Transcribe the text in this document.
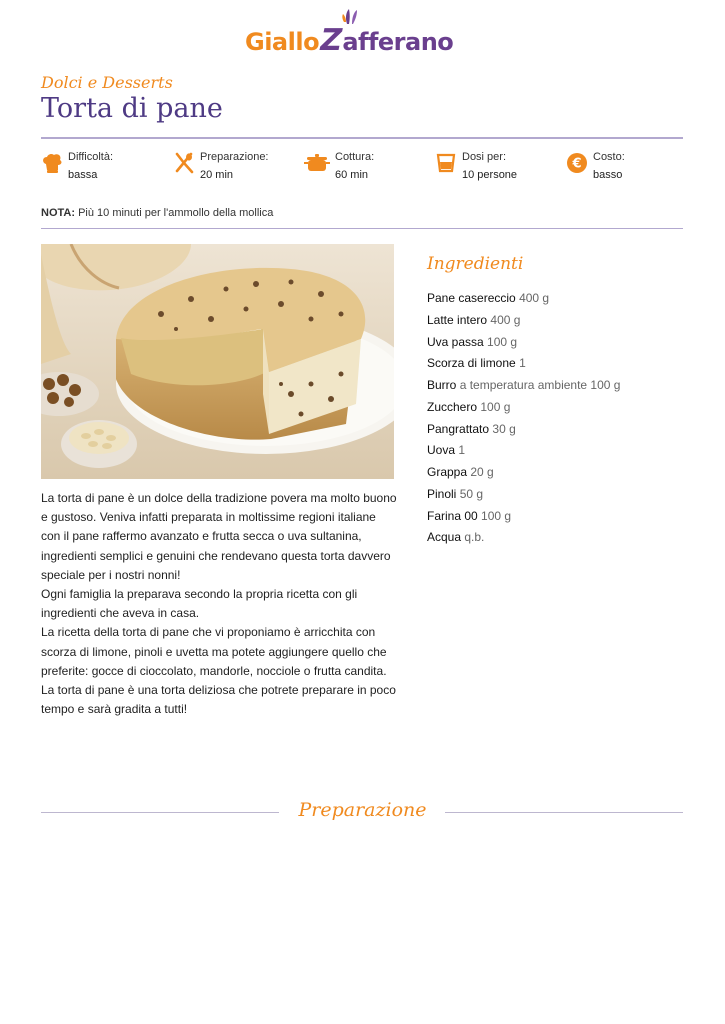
Giallo
Z
afferano
Dolci e Desserts
Torta di pane
Difficoltà:
bassa
Preparazione:
20 min
Cottura:
60 min
Dosi per:
10 persone
€ Costo:
basso
NOTA: Più 10 minuti per l'ammollo della mollica

La torta di pane è un dolce della tradizione povera ma molto buono e gustoso. Veniva infatti preparata in moltissime regioni italiane con il pane raffermo avanzato e frutta secca o uva sultanina, ingredienti semplici e genuini che rendevano questa torta davvero speciale per i nostri nonni!

Ogni famiglia la preparava secondo la propria ricetta con gli ingredienti che aveva in casa.

La ricetta della torta di pane che vi proponiamo è arricchita con scorza di limone, pinoli e uvetta ma potete aggiungere quello che preferite: gocce di cioccolato, mandorle, nocciole o frutta candita.

La torta di pane è una torta deliziosa che potrete preparare in poco tempo e sarà gradita a tutti!

Ingredienti
Pane casereccio 400 g
Latte intero 400 g
Uva passa 100 g
Scorza di limone 1
Burro a temperatura ambiente 100 g
Zucchero 100 g
Pangrattato 30 g
Uova 1
Grappa 20 g
Pinoli 50 g
Farina 00 100 g
Acqua q.b.
Preparazione
